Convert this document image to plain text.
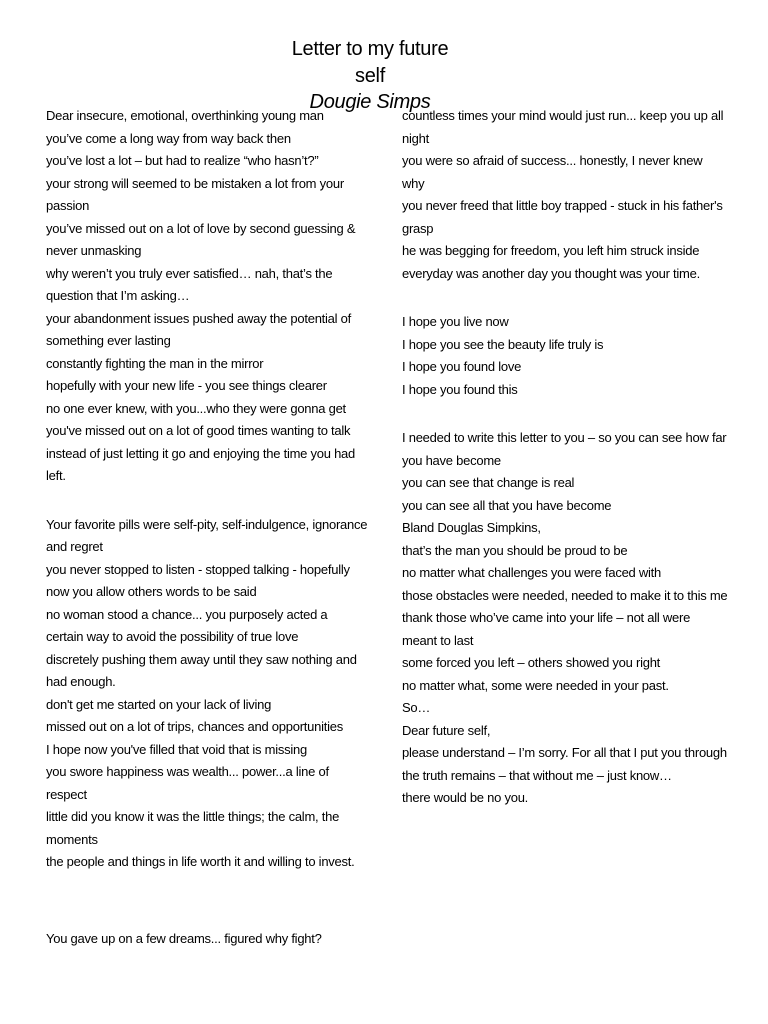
Letter to my future
self
Dougie Simps
Dear insecure, emotional, overthinking young man
you’ve come a long way from way back then
you’ve lost a lot – but had to realize “who hasn’t?”
your strong will seemed to be mistaken a lot from your passion
you’ve missed out on a lot of love by second guessing & never unmasking
why weren’t you truly ever satisfied… nah, that’s the question that I’m asking…
your abandonment issues pushed away the potential of something ever lasting
constantly fighting the man in the mirror
hopefully with your new life - you see things clearer
no one ever knew, with you...who they were gonna get
you've missed out on a lot of good times wanting to talk instead of just letting it go and enjoying the time you had left.
Your favorite pills were self-pity, self-indulgence, ignorance and regret
you never stopped to listen - stopped talking - hopefully now you allow others words to be said
no woman stood a chance... you purposely acted a certain way to avoid the possibility of true love
discretely pushing them away until they saw nothing and had enough.
don't get me started on your lack of living
missed out on a lot of trips, chances and opportunities
I hope now you've filled that void that is missing
you swore happiness was wealth... power...a line of respect
little did you know it was the little things; the calm, the moments
the people and things in life worth it and willing to invest.
You gave up on a few dreams... figured why fight?
countless times your mind would just run... keep you up all night
you were so afraid of success... honestly, I never knew why
you never freed that little boy trapped - stuck in his father's grasp
he was begging for freedom, you left him struck inside
everyday was another day you thought was your time.
I hope you live now
I hope you see the beauty life truly is
I hope you found love
I hope you found this
I needed to write this letter to you – so you can see how far you have become
you can see that change is real
you can see all that you have become
Bland Douglas Simpkins,
that’s the man you should be proud to be
no matter what challenges you were faced with
those obstacles were needed, needed to make it to this me
thank those who’ve came into your life – not all were meant to last
some forced you left – others showed you right
no matter what, some were needed in your past.
So…
Dear future self,
please understand – I’m sorry. For all that I put you through
the truth remains – that without me – just know…
there would be no you.
